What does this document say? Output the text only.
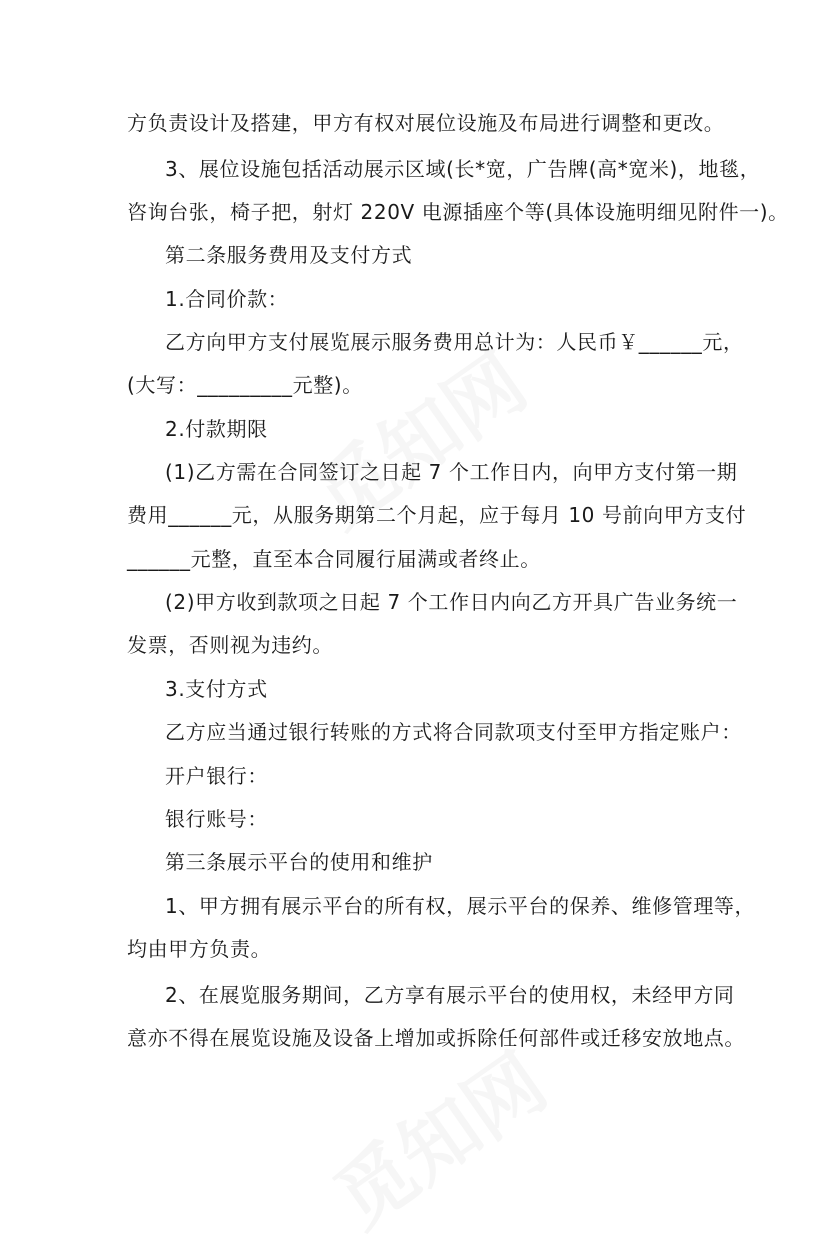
方负责设计及搭建，甲方有权对展位设施及布局进行调整和更改。
3、展位设施包括活动展示区域(长*宽，广告牌(高*宽米)，地毯，
咨询台张，椅子把，射灯 220V 电源插座个等(具体设施明细见附件一)。
第二条服务费用及支付方式
1.合同价款：
乙方向甲方支付展览展示服务费用总计为：人民币￥______元，
(大写：_________元整)。
2.付款期限
(1)乙方需在合同签订之日起 7 个工作日内，向甲方支付第一期
费用______元，从服务期第二个月起，应于每月 10 号前向甲方支付
______元整，直至本合同履行届满或者终止。
(2)甲方收到款项之日起 7 个工作日内向乙方开具广告业务统一
发票，否则视为违约。
3.支付方式
乙方应当通过银行转账的方式将合同款项支付至甲方指定账户：
开户银行：
银行账号：
第三条展示平台的使用和维护
1、甲方拥有展示平台的所有权，展示平台的保养、维修管理等，
均由甲方负责。
2、在展览服务期间，乙方享有展示平台的使用权，未经甲方同
意亦不得在展览设施及设备上增加或拆除任何部件或迁移安放地点。
